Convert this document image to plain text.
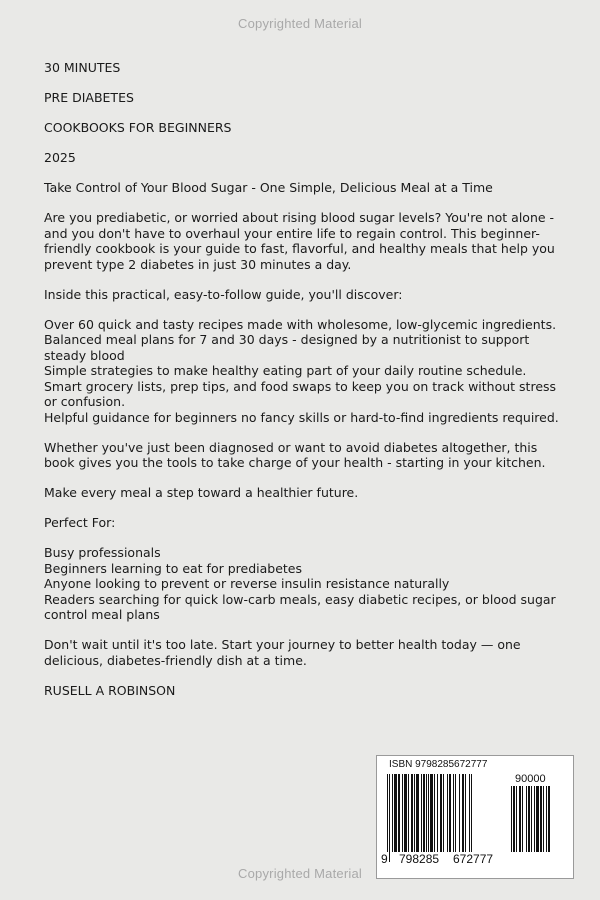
Copyrighted Material
30 MINUTES
PRE DIABETES
COOKBOOKS FOR BEGINNERS
2025
Take Control of Your Blood Sugar - One Simple, Delicious Meal at a Time
Are you prediabetic, or worried about rising blood sugar levels? You're not alone - and you don't have to overhaul your entire life to regain control. This beginner-friendly cookbook is your guide to fast, flavorful, and healthy meals that help you prevent type 2 diabetes in just 30 minutes a day.
Inside this practical, easy-to-follow guide, you'll discover:
Over 60 quick and tasty recipes made with wholesome, low-glycemic ingredients.
Balanced meal plans for 7 and 30 days - designed by a nutritionist to support steady blood
Simple strategies to make healthy eating part of your daily routine schedule.
Smart grocery lists, prep tips, and food swaps to keep you on track without stress or confusion.
Helpful guidance for beginners no fancy skills or hard-to-find ingredients required.
Whether you've just been diagnosed or want to avoid diabetes altogether, this book gives you the tools to take charge of your health - starting in your kitchen.
Make every meal a step toward a healthier future.
Perfect For:
Busy professionals
Beginners learning to eat for prediabetes
Anyone looking to prevent or reverse insulin resistance naturally
Readers searching for quick low-carb meals, easy diabetic recipes, or blood sugar control meal plans
Don't wait until it's too late. Start your journey to better health today — one delicious, diabetes-friendly dish at a time.
RUSELL A ROBINSON
ISBN 9798285672777
90000
9 798285 672777
Copyrighted Material
